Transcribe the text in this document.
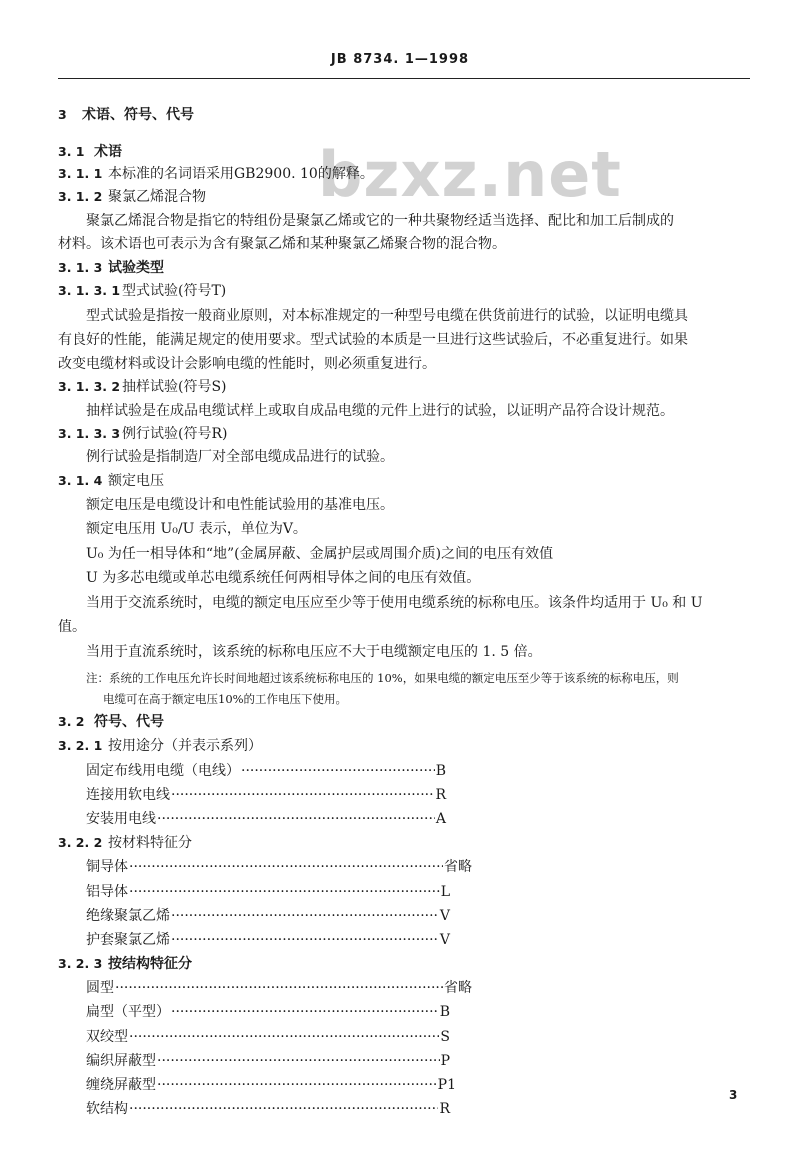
JB 8734. 1—1998
bzxz.net
3 术语、符号、代号
3. 1 术语
3. 1. 1 本标准的名词语采用GB2900. 10的解释。
3. 1. 2 聚氯乙烯混合物
聚氯乙烯混合物是指它的特组份是聚氯乙烯或它的一种共聚物经适当选择、配比和加工后制成的
材料。该术语也可表示为含有聚氯乙烯和某种聚氯乙烯聚合物的混合物。
3. 1. 3 试验类型
3. 1. 3. 1 型式试验(符号T)
型式试验是指按一般商业原则，对本标准规定的一种型号电缆在供货前进行的试验，以证明电缆具
有良好的性能，能满足规定的使用要求。型式试验的本质是一旦进行这些试验后，不必重复进行。如果
改变电缆材料或设计会影响电缆的性能时，则必须重复进行。
3. 1. 3. 2 抽样试验(符号S)
抽样试验是在成品电缆试样上或取自成品电缆的元件上进行的试验，以证明产品符合设计规范。
3. 1. 3. 3 例行试验(符号R)
例行试验是指制造厂对全部电缆成品进行的试验。
3. 1. 4 额定电压
额定电压是电缆设计和电性能试验用的基准电压。
额定电压用 U₀/U 表示，单位为V。
U₀ 为任一相导体和“地”(金属屏蔽、金属护层或周围介质)之间的电压有效值
U 为多芯电缆或单芯电缆系统任何两相导体之间的电压有效值。
当用于交流系统时，电缆的额定电压应至少等于使用电缆系统的标称电压。该条件均适用于 U₀ 和 U
值。
当用于直流系统时，该系统的标称电压应不大于电缆额定电压的 1. 5 倍。
注：系统的工作电压允许长时间地超过该系统标称电压的 10%，如果电缆的额定电压至少等于该系统的标称电压，则
电缆可在高于额定电压10%的工作电压下使用。
3. 2 符号、代号
3. 2. 1 按用途分（并表示系列）
固定布线用电缆（电线） ·····	B
连接用软电线 ·····	R
安装用电线 ·····	A
3. 2. 2 按材料特征分
铜导体 ·····	省略
铝导体 ·····	L
绝缘聚氯乙烯 ·····	V
护套聚氯乙烯 ·····	V
3. 2. 3 按结构特征分
圆型 ·····	省略
扁型（平型） ·····	B
双绞型 ·····	S
编织屏蔽型 ·····	P
缠绕屏蔽型 ·····	P1
软结构 ·····	R
3
